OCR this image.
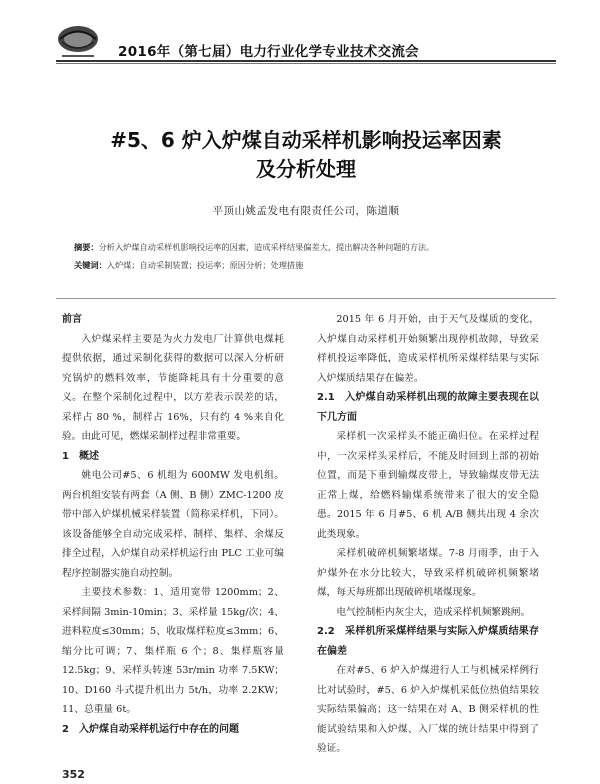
2016年（第七届）电力行业化学专业技术交流会
#5、6 炉入炉煤自动采样机影响投运率因素
及分析处理
平顶山姚孟发电有限责任公司，陈道顺
摘要：分析入炉煤自动采样机影响投运率的因素，造成采样结果偏差大，提出解决各种问题的方法。
关键词：入炉煤；自动采制装置；投运率；原因分析；处理措施
前言

入炉煤采样主要是为火力发电厂计算供电煤耗提供依据，通过采制化获得的数据可以深入分析研究锅炉的燃料效率，节能降耗具有十分重要的意义。在整个采制化过程中，以方差表示误差的话，采样占 80 %，制样占 16%，只有约 4 %来自化验。由此可见，燃煤采制样过程非常重要。

1　概述

姚电公司#5、6 机组为 600MW 发电机组。两台机组安装有两套（A 侧、B 侧）ZMC-1200 皮带中部入炉煤机械采样装置（简称采样机，下同）。该设备能够全自动完成采样、制样、集样、余煤反排全过程，入炉煤自动采样机运行由 PLC 工业可编程序控制器实施自动控制。

主要技术参数：1、适用宽带 1200mm；2、采样间隔 3min-10min；3、采样量 15kg/次；4、进料粒度≤30mm；5、收取煤样粒度≤3mm；6、缩分比可调；7、集样瓶 6 个；8、集样瓶容量 12.5kg；9、采样头转速 53r/min 功率 7.5KW；10、D160 斗式提升机出力 5t/h，功率 2.2KW；11、总重量 6t。

2　入炉煤自动采样机运行中存在的问题

2015 年 6 月开始，由于天气及煤质的变化，入炉煤自动采样机开始频繁出现停机故障，导致采样机投运率降低，造成采样机所采煤样结果与实际入炉煤质结果存在偏差。

2.1　入炉煤自动采样机出现的故障主要表现在以下几方面

采样机一次采样头不能正确归位。在采样过程中，一次采样头采样后，不能及时回到上部的初始位置，而是下垂到输煤皮带上，导致输煤皮带无法正常上煤，给燃料输煤系统带来了很大的安全隐患。2015 年 6 月#5、6 机 A/B 侧共出现 4 余次此类现象。

采样机破碎机频繁堵煤。7-8 月雨季，由于入炉煤外在水分比较大，导致采样机破碎机频繁堵煤，每天每班都出现破碎机堵煤现象。

电气控制柜内灰尘大，造成采样机频繁跳闸。

2.2　采样机所采煤样结果与实际入炉煤质结果存在偏差

在对#5、6 炉入炉煤进行人工与机械采样例行比对试验时，#5、6 炉入炉煤机采低位热值结果较实际结果偏高；这一结果在对 A、B 侧采样机的性能试验结果和入炉煤、入厂煤的统计结果中得到了验证。

352
